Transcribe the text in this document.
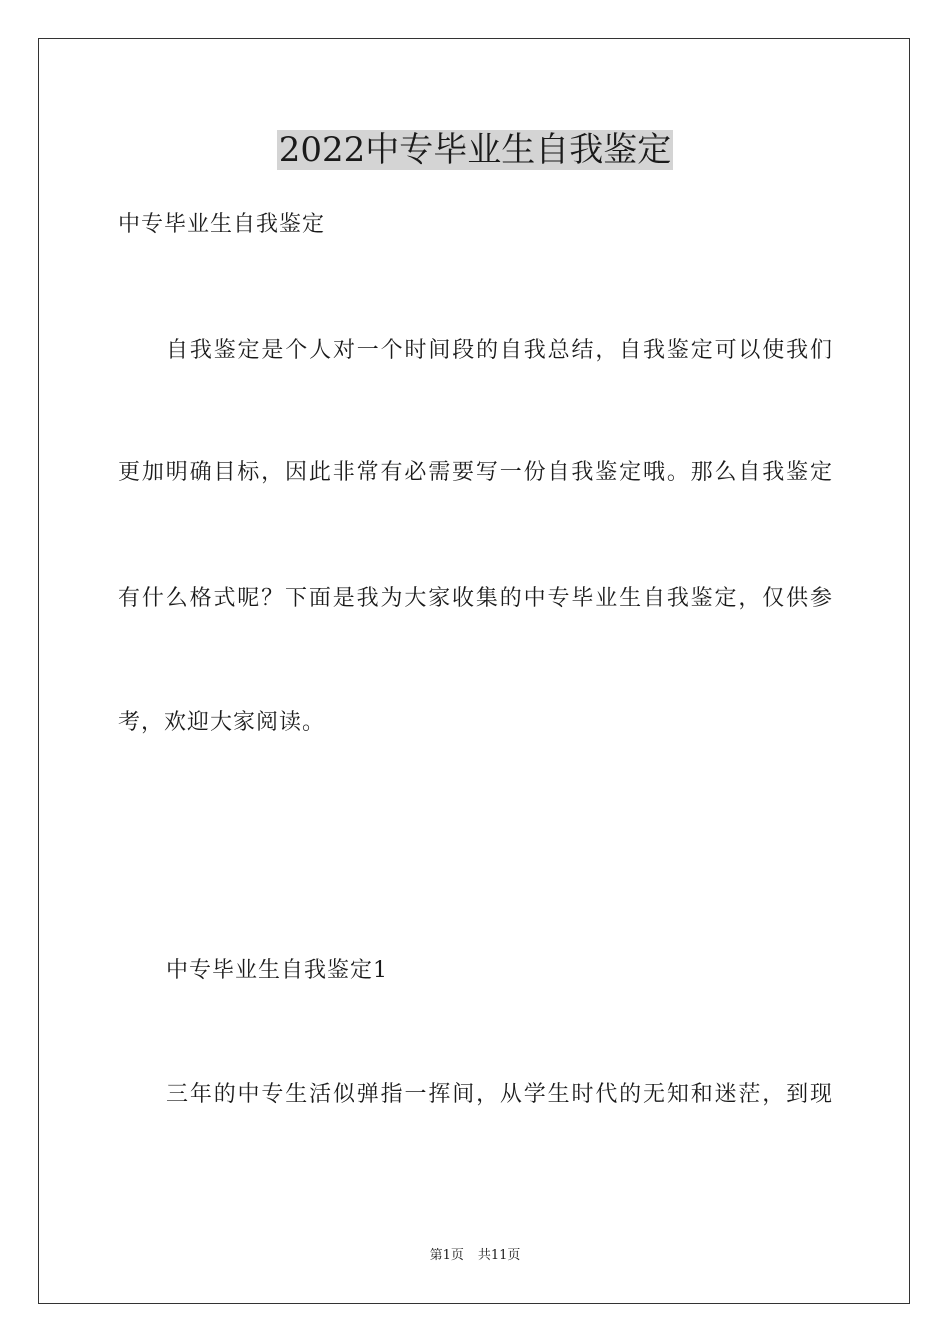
2022中专毕业生自我鉴定
中专毕业生自我鉴定
自我鉴定是个人对一个时间段的自我总结，自我鉴定可以使我们
更加明确目标，因此非常有必需要写一份自我鉴定哦。那么自我鉴定
有什么格式呢？下面是我为大家收集的中专毕业生自我鉴定，仅供参
考，欢迎大家阅读。
中专毕业生自我鉴定1
三年的中专生活似弹指一挥间，从学生时代的无知和迷茫，到现
第1页 共11页
